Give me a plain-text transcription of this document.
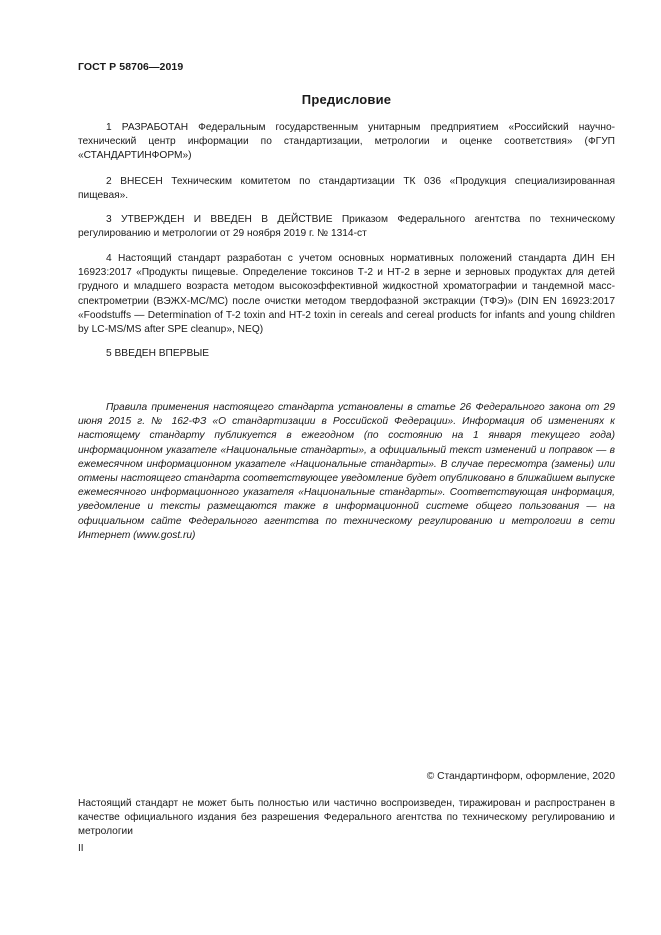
ГОСТ Р 58706—2019
Предисловие
1 РАЗРАБОТАН Федеральным государственным унитарным предприятием «Российский научно-технический центр информации по стандартизации, метрологии и оценке соответствия» (ФГУП «СТАНДАРТИНФОРМ»)
2 ВНЕСЕН Техническим комитетом по стандартизации ТК 036 «Продукция специализированная пищевая».
3 УТВЕРЖДЕН И ВВЕДЕН В ДЕЙСТВИЕ Приказом Федерального агентства по техническому регулированию и метрологии от 29 ноября 2019 г. № 1314-ст
4 Настоящий стандарт разработан с учетом основных нормативных положений стандарта ДИН ЕН 16923:2017 «Продукты пищевые. Определение токсинов Т-2 и НТ-2 в зерне и зерновых продуктах для детей грудного и младшего возраста методом высокоэффективной жидкостной хроматографии и тандемной масс-спектрометрии (ВЭЖХ-МС/МС) после очистки методом твердофазной экстракции (ТФЭ)» (DIN EN 16923:2017 «Foodstuffs — Determination of T-2 toxin and HT-2 toxin in cereals and cereal products for infants and young children by LC-MS/MS after SPE cleanup», NEQ)
5 ВВЕДЕН ВПЕРВЫЕ
Правила применения настоящего стандарта установлены в статье 26 Федерального закона от 29 июня 2015 г. № 162-ФЗ «О стандартизации в Российской Федерации». Информация об изменениях к настоящему стандарту публикуется в ежегодном (по состоянию на 1 января текущего года) информационном указателе «Национальные стандарты», а официальный текст изменений и поправок — в ежемесячном информационном указателе «Национальные стандарты». В случае пересмотра (замены) или отмены настоящего стандарта соответствующее уведомление будет опубликовано в ближайшем выпуске ежемесячного информационного указателя «Национальные стандарты». Соответствующая информация, уведомление и тексты размещаются также в информационной системе общего пользования — на официальном сайте Федерального агентства по техническому регулированию и метрологии в сети Интернет (www.gost.ru)
© Стандартинформ, оформление, 2020
Настоящий стандарт не может быть полностью или частично воспроизведен, тиражирован и распространен в качестве официального издания без разрешения Федерального агентства по техническому регулированию и метрологии
II
